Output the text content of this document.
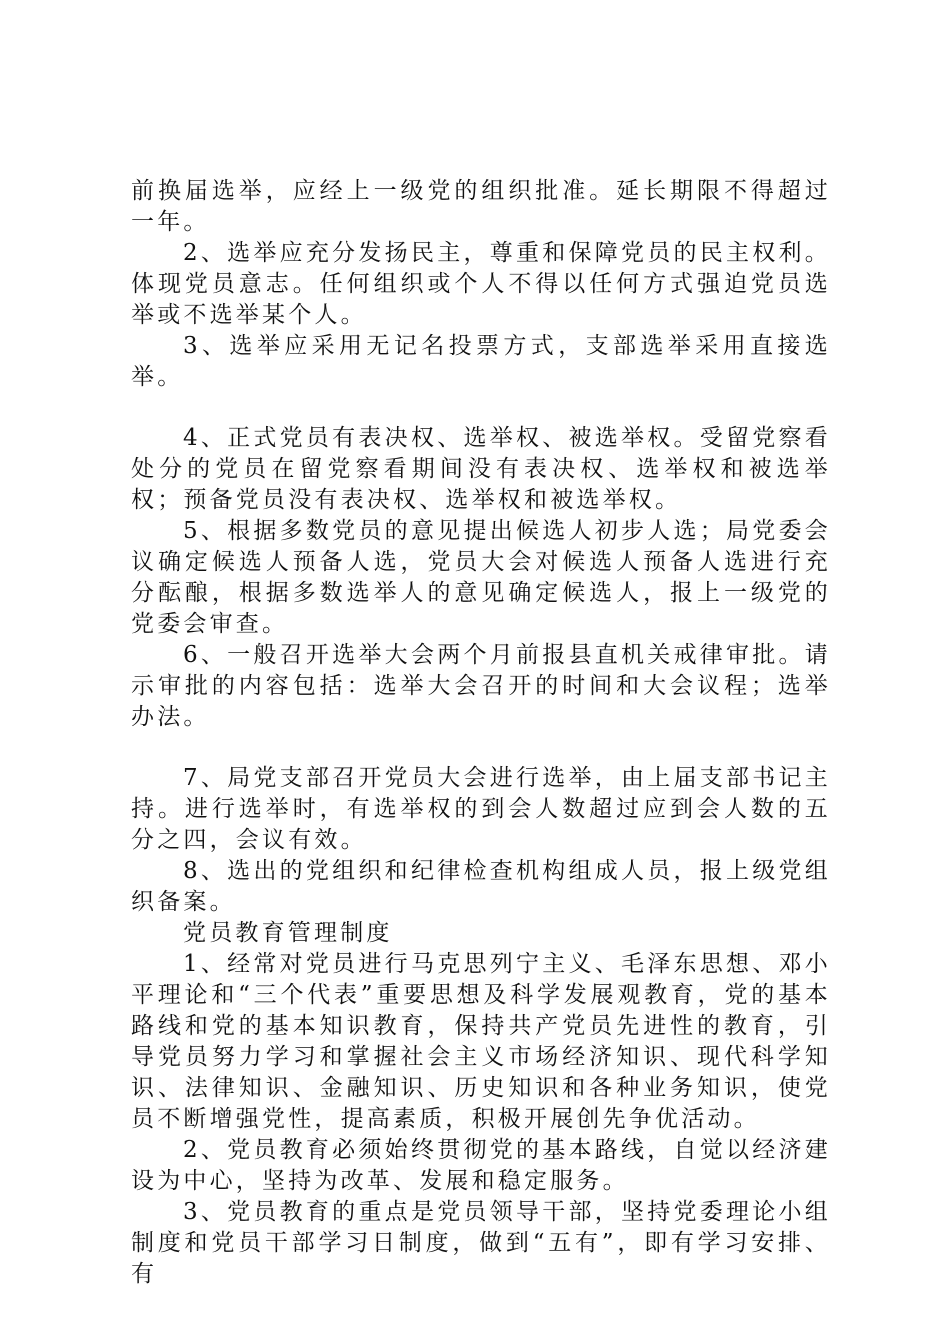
前换届选举，应经上一级党的组织批准。延长期限不得超过一年。

2、选举应充分发扬民主，尊重和保障党员的民主权利。体现党员意志。任何组织或个人不得以任何方式强迫党员选举或不选举某个人。

3、选举应采用无记名投票方式，支部选举采用直接选举。

4、正式党员有表决权、选举权、被选举权。受留党察看处分的党员在留党察看期间没有表决权、选举权和被选举权；预备党员没有表决权、选举权和被选举权。

5、根据多数党员的意见提出候选人初步人选；局党委会议确定候选人预备人选，党员大会对候选人预备人选进行充分酝酿，根据多数选举人的意见确定候选人，报上一级党的党委会审查。

6、一般召开选举大会两个月前报县直机关戒律审批。请示审批的内容包括：选举大会召开的时间和大会议程；选举办法。

7、局党支部召开党员大会进行选举，由上届支部书记主持。进行选举时，有选举权的到会人数超过应到会人数的五分之四，会议有效。

8、选出的党组织和纪律检查机构组成人员，报上级党组织备案。

党员教育管理制度

1、经常对党员进行马克思列宁主义、毛泽东思想、邓小平理论和“三个代表”重要思想及科学发展观教育，党的基本路线和党的基本知识教育，保持共产党员先进性的教育，引导党员努力学习和掌握社会主义市场经济知识、现代科学知识、法律知识、金融知识、历史知识和各种业务知识，使党员不断增强党性，提高素质，积极开展创先争优活动。

2、党员教育必须始终贯彻党的基本路线，自觉以经济建设为中心，坚持为改革、发展和稳定服务。

3、党员教育的重点是党员领导干部，坚持党委理论小组制度和党员干部学习日制度，做到“五有”，即有学习安排、有
